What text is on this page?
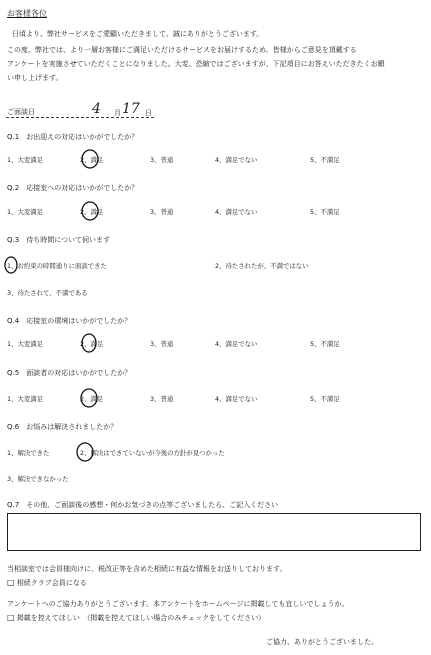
お客様各位
日頃より、弊社サービスをご愛顧いただきまして、誠にありがとうございます。
この度、弊社では、より一層お客様にご満足いただけるサービスをお届けするため、皆様からご意見を頂戴する
アンケートを実施させていただくことになりました。大変、恐縮ではございますが、下記項目にお答えいただきたくお願
い申し上げます。
ご面談日	4 月 17 日
Q.1　お出迎えの対応はいかがでしたか？
1、大変満足	2、満足	3、普通	4、満足でない	5、不満足
Q.2　応接室への対応はいかがでしたか？
1、大変満足	2、満足	3、普通	4、満足でない	5、不満足
Q.3　待ち時間について伺います
1、お約束の時間通りに面談できた	2、待たされたが、不満ではない
3、待たされて、不満である
Q.4　応接室の環境はいかがでしたか？
1、大変満足	2、満足	3、普通	4、満足でない	5、不満足
Q.5　面談者の対応はいかがでしたか？
1、大変満足	2、満足	3、普通	4、満足でない	5、不満足
Q.6　お悩みは解決されましたか？
1、解決できた	2、解決はできていないが今後の方針が見つかった
3、解決できなかった
Q.7　その他、ご面談後の感想・何かお気づきの点等ございましたら、ご記入ください
当相談室では会員様向けに、税改正等を含めた相続に有益な情報をお送りしております。
□ 相続クラブ会員になる
アンケートへのご協力ありがとうございます。本アンケートをホームページに掲載しても宜しいでしょうか。
□ 掲載を控えてほしい　（掲載を控えてほしい場合のみチェックをしてください）
ご協力、ありがとうございました。
